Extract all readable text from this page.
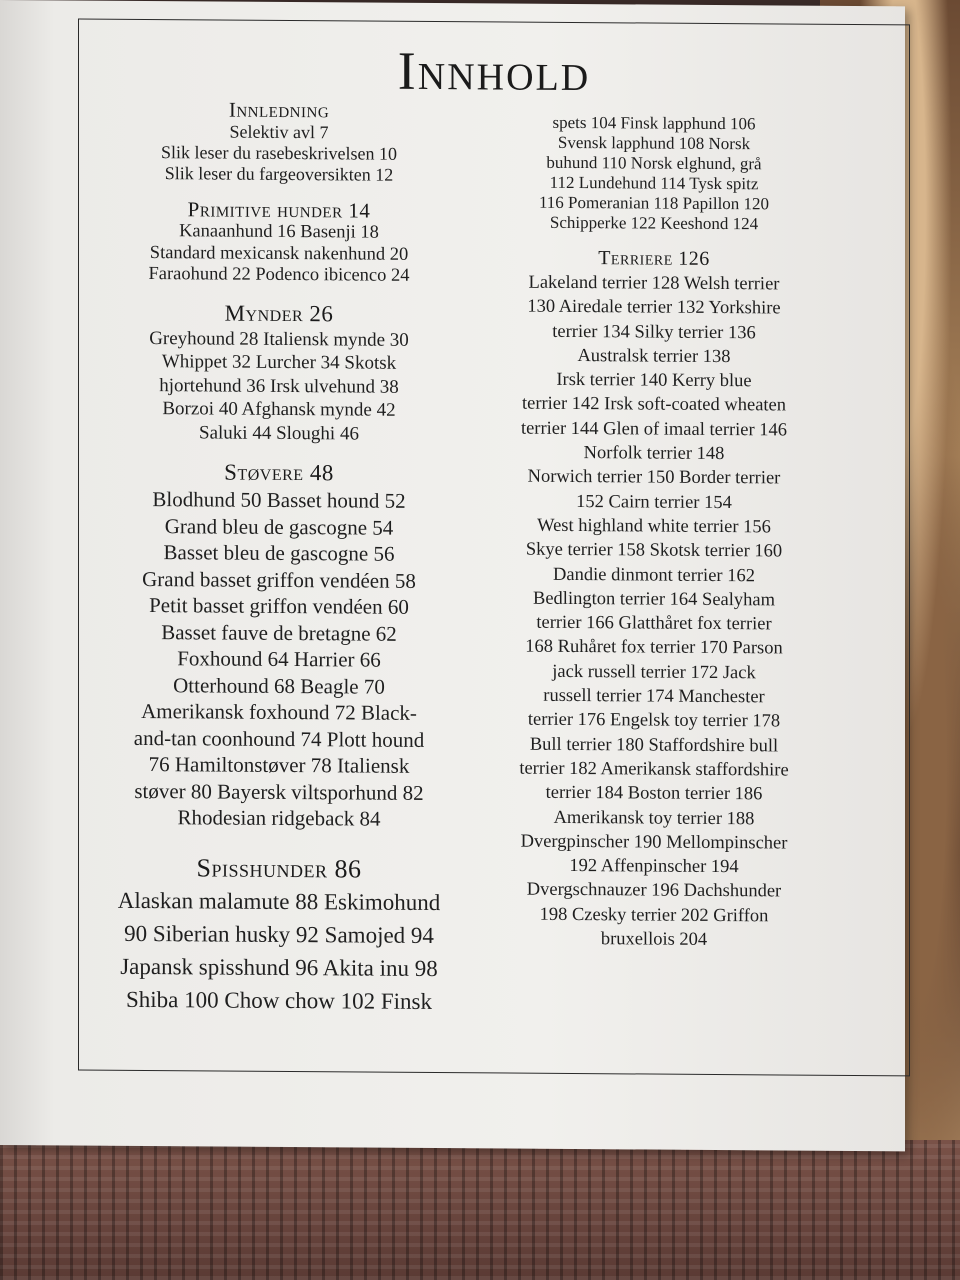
Innhold
Innledning
Selektiv avl 7
Slik leser du rasebeskrivelsen 10
Slik leser du fargeoversikten 12
Primitive hunder 14
Kanaanhund 16 Basenji 18
Standard mexicansk nakenhund 20
Faraohund 22 Podenco ibicenco 24
Mynder 26
Greyhound 28 Italiensk mynde 30
Whippet 32 Lurcher 34 Skotsk
hjortehund 36 Irsk ulvehund 38
Borzoi 40 Afghansk mynde 42
Saluki 44 Sloughi 46
Støvere 48
Blodhund 50 Basset hound 52
Grand bleu de gascogne 54
Basset bleu de gascogne 56
Grand basset griffon vendéen 58
Petit basset griffon vendéen 60
Basset fauve de bretagne 62
Foxhound 64 Harrier 66
Otterhound 68 Beagle 70
Amerikansk foxhound 72 Black-
and-tan coonhound 74 Plott hound
76 Hamiltonstøver 78 Italiensk
støver 80 Bayersk viltsporhund 82
Rhodesian ridgeback 84
Spisshunder 86
Alaskan malamute 88 Eskimohund
90 Siberian husky 92 Samojed 94
Japansk spisshund 96 Akita inu 98
Shiba 100 Chow chow 102 Finsk
spets 104 Finsk lapphund 106
Svensk lapphund 108 Norsk
buhund 110 Norsk elghund, grå
112 Lundehund 114 Tysk spitz
116 Pomeranian 118 Papillon 120
Schipperke 122 Keeshond 124
Terriere 126
Lakeland terrier 128 Welsh terrier
130 Airedale terrier 132 Yorkshire
terrier 134 Silky terrier 136
Australsk terrier 138
Irsk terrier 140 Kerry blue
terrier 142 Irsk soft-coated wheaten
terrier 144 Glen of imaal terrier 146
Norfolk terrier 148
Norwich terrier 150 Border terrier
152 Cairn terrier 154
West highland white terrier 156
Skye terrier 158 Skotsk terrier 160
Dandie dinmont terrier 162
Bedlington terrier 164 Sealyham
terrier 166 Glatthåret fox terrier
168 Ruhåret fox terrier 170 Parson
jack russell terrier 172 Jack
russell terrier 174 Manchester
terrier 176 Engelsk toy terrier 178
Bull terrier 180 Staffordshire bull
terrier 182 Amerikansk staffordshire
terrier 184 Boston terrier 186
Amerikansk toy terrier 188
Dvergpinscher 190 Mellompinscher
192 Affenpinscher 194
Dvergschnauzer 196 Dachshunder
198 Czesky terrier 202 Griffon
bruxellois 204
